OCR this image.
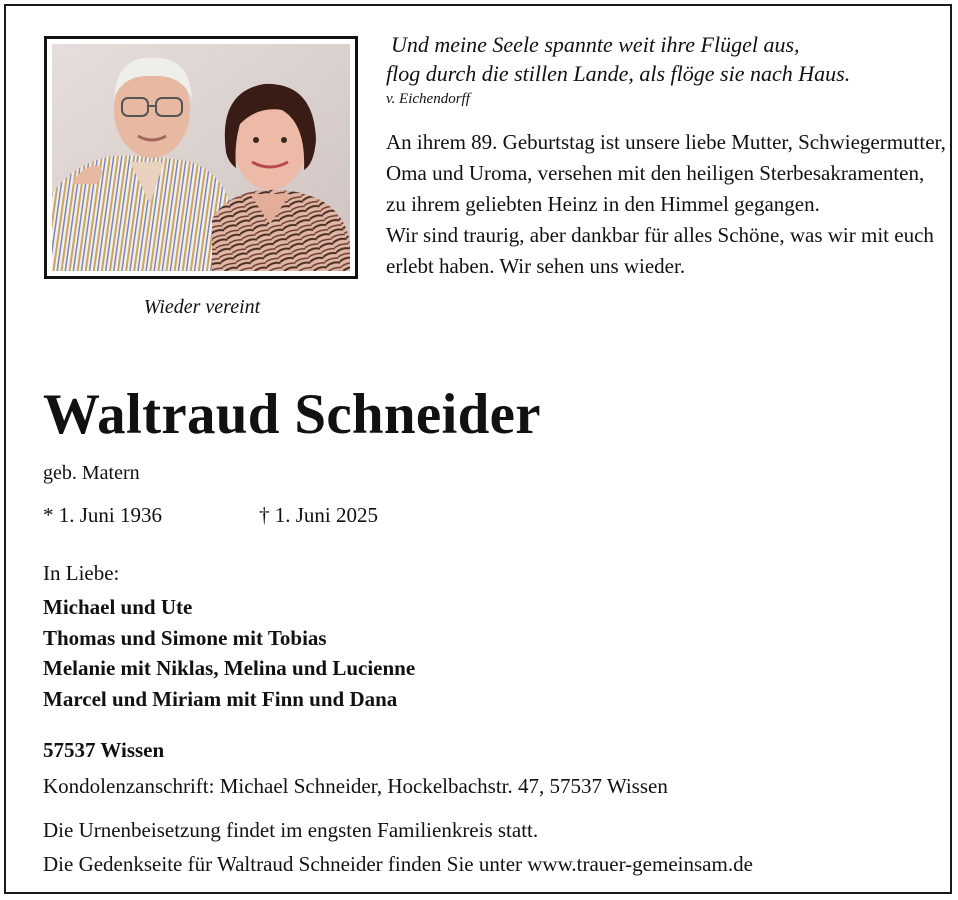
Wieder vereint
Und meine Seele spannte weit ihre Flügel aus,
flog durch die stillen Lande, als flöge sie nach Haus.
v. Eichendorff

An ihrem 89. Geburtstag ist unsere liebe Mutter, Schwiegermutter, Oma und Uroma, versehen mit den heiligen Sterbesakramenten, zu ihrem geliebten Heinz in den Himmel gegangen.

Wir sind traurig, aber dankbar für alles Schöne, was wir mit euch erlebt haben. Wir sehen uns wieder.

Waltraud Schneider
geb. Matern
* 1. Juni 1936	† 1. Juni 2025
In Liebe:
Michael und Ute
Thomas und Simone mit Tobias
Melanie mit Niklas, Melina und Lucienne
Marcel und Miriam mit Finn und Dana
57537 Wissen
Kondolenzanschrift: Michael Schneider, Hockelbachstr. 47, 57537 Wissen
Die Urnenbeisetzung findet im engsten Familienkreis statt.
Die Gedenkseite für Waltraud Schneider finden Sie unter www.trauer-gemeinsam.de
